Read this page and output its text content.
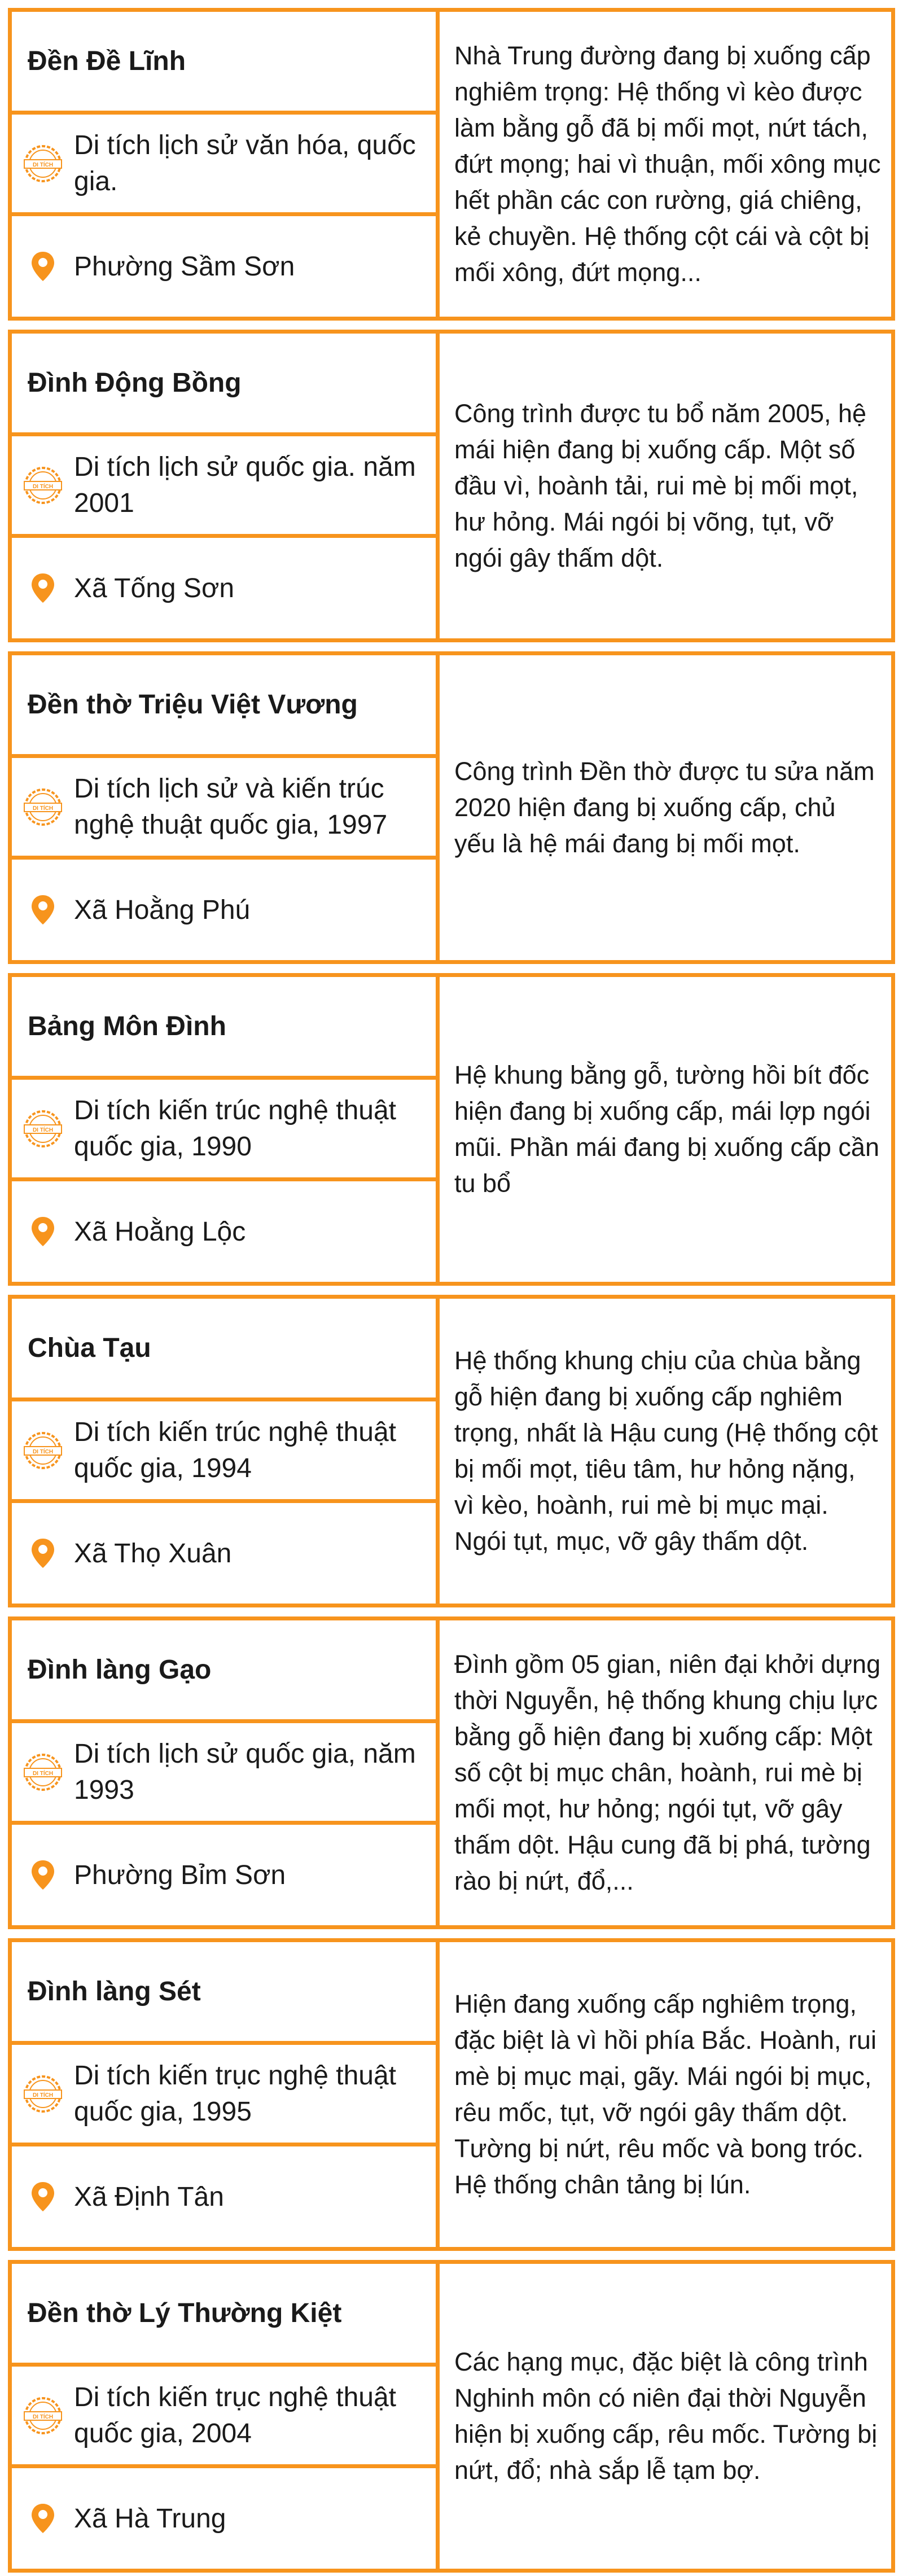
Đền Đề Lĩnh
DI TÍCH
Di tích lịch sử văn hóa, quốc gia.
Phường Sầm Sơn
Nhà Trung đường đang bị xuống cấp nghiêm trọng: Hệ thống vì kèo được làm bằng gỗ đã bị mối mọt, nứt tách, đứt mọng; hai vì thuận, mối xông mục hết phần các con rường, giá chiêng, kẻ chuyền. Hệ thống cột cái và cột bị mối xông, đứt mọng...
Đình Động Bồng
DI TÍCH
Di tích lịch sử quốc gia. năm 2001
Xã Tống Sơn
Công trình được tu bổ năm 2005, hệ mái hiện đang bị xuống cấp. Một số đầu vì, hoành tải, rui mè bị mối mọt, hư hỏng. Mái ngói bị võng, tụt, vỡ ngói gây thấm dột.
Đền thờ Triệu Việt Vương
DI TÍCH
Di tích lịch sử và kiến trúc nghệ thuật quốc gia, 1997
Xã Hoằng Phú
Công trình Đền thờ được tu sửa năm 2020 hiện đang bị xuống cấp, chủ yếu là hệ mái đang bị mối mọt.
Bảng Môn Đình
DI TÍCH
Di tích kiến trúc nghệ thuật quốc gia, 1990
Xã Hoằng Lộc
Hệ khung bằng gỗ, tường hồi bít đốc hiện đang bị xuống cấp, mái lợp ngói mũi. Phần mái đang bị xuống cấp cần tu bổ
Chùa Tạu
DI TÍCH
Di tích kiến trúc nghệ thuật quốc gia, 1994
Xã Thọ Xuân
Hệ thống khung chịu của chùa bằng gỗ hiện đang bị xuống cấp nghiêm trọng, nhất là Hậu cung (Hệ thống cột bị mối mọt, tiêu tâm, hư hỏng nặng, vì kèo, hoành, rui mè bị mục mại. Ngói tụt, mục, vỡ gây thấm dột.
Đình làng Gạo
DI TÍCH
Di tích lịch sử quốc gia, năm 1993
Phường Bỉm Sơn
Đình gồm 05 gian, niên đại khởi dựng thời Nguyễn, hệ thống khung chịu lực bằng gỗ hiện đang bị xuống cấp: Một số cột bị mục chân, hoành, rui mè bị mối mọt, hư hỏng; ngói tụt, vỡ gây thấm dột. Hậu cung đã bị phá, tường rào bị nứt, đổ,...
Đình làng Sét
DI TÍCH
Di tích kiến trục nghệ thuật quốc gia, 1995
Xã Định Tân
Hiện đang xuống cấp nghiêm trọng, đặc biệt là vì hồi phía Bắc. Hoành, rui mè bị mục mại, gãy. Mái ngói bị mục, rêu mốc, tụt, vỡ ngói gây thấm dột. Tường bị nứt, rêu mốc và bong tróc. Hệ thống chân tảng bị lún.
Đền thờ Lý Thường Kiệt
DI TÍCH
Di tích kiến trục nghệ thuật quốc gia, 2004
Xã Hà Trung
Các hạng mục, đặc biệt là công trình Nghinh môn có niên đại thời Nguyễn hiện bị xuống cấp, rêu mốc. Tường bị nứt, đổ; nhà sắp lễ tạm bợ.
